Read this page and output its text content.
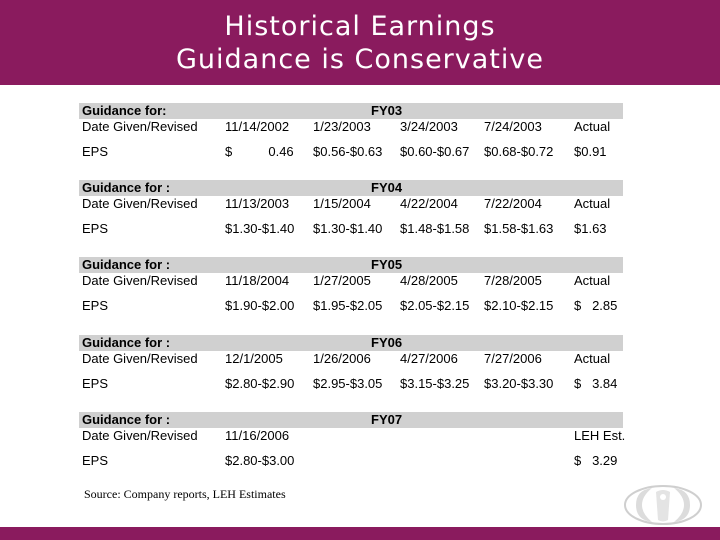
Historical Earnings
Guidance is Conservative
Guidance for:	FY03
Date Given/Revised 11/14/2002 1/23/2003 3/24/2003 7/24/2003 Actual
EPS	$          0.46 $0.56-$0.63 $0.60-$0.67 $0.68-$0.72 $0.91
Guidance for :	FY04
Date Given/Revised 11/13/2003 1/15/2004 4/22/2004 7/22/2004 Actual
EPS	$1.30-$1.40 $1.30-$1.40 $1.48-$1.58 $1.58-$1.63 $1.63
Guidance for :	FY05
Date Given/Revised 11/18/2004 1/27/2005 4/28/2005 7/28/2005 Actual
EPS	$1.90-$2.00 $1.95-$2.05 $2.05-$2.15 $2.10-$2.15 $   2.85
Guidance for :	FY06
Date Given/Revised 12/1/2005 1/26/2006 4/27/2006 7/27/2006 Actual
EPS	$2.80-$2.90 $2.95-$3.05 $3.15-$3.25 $3.20-$3.30 $   3.84
Guidance for :	FY07
Date Given/Revised 11/16/2006	LEH Est.
EPS	$2.80-$3.00	$   3.29
Source: Company reports, LEH Estimates
